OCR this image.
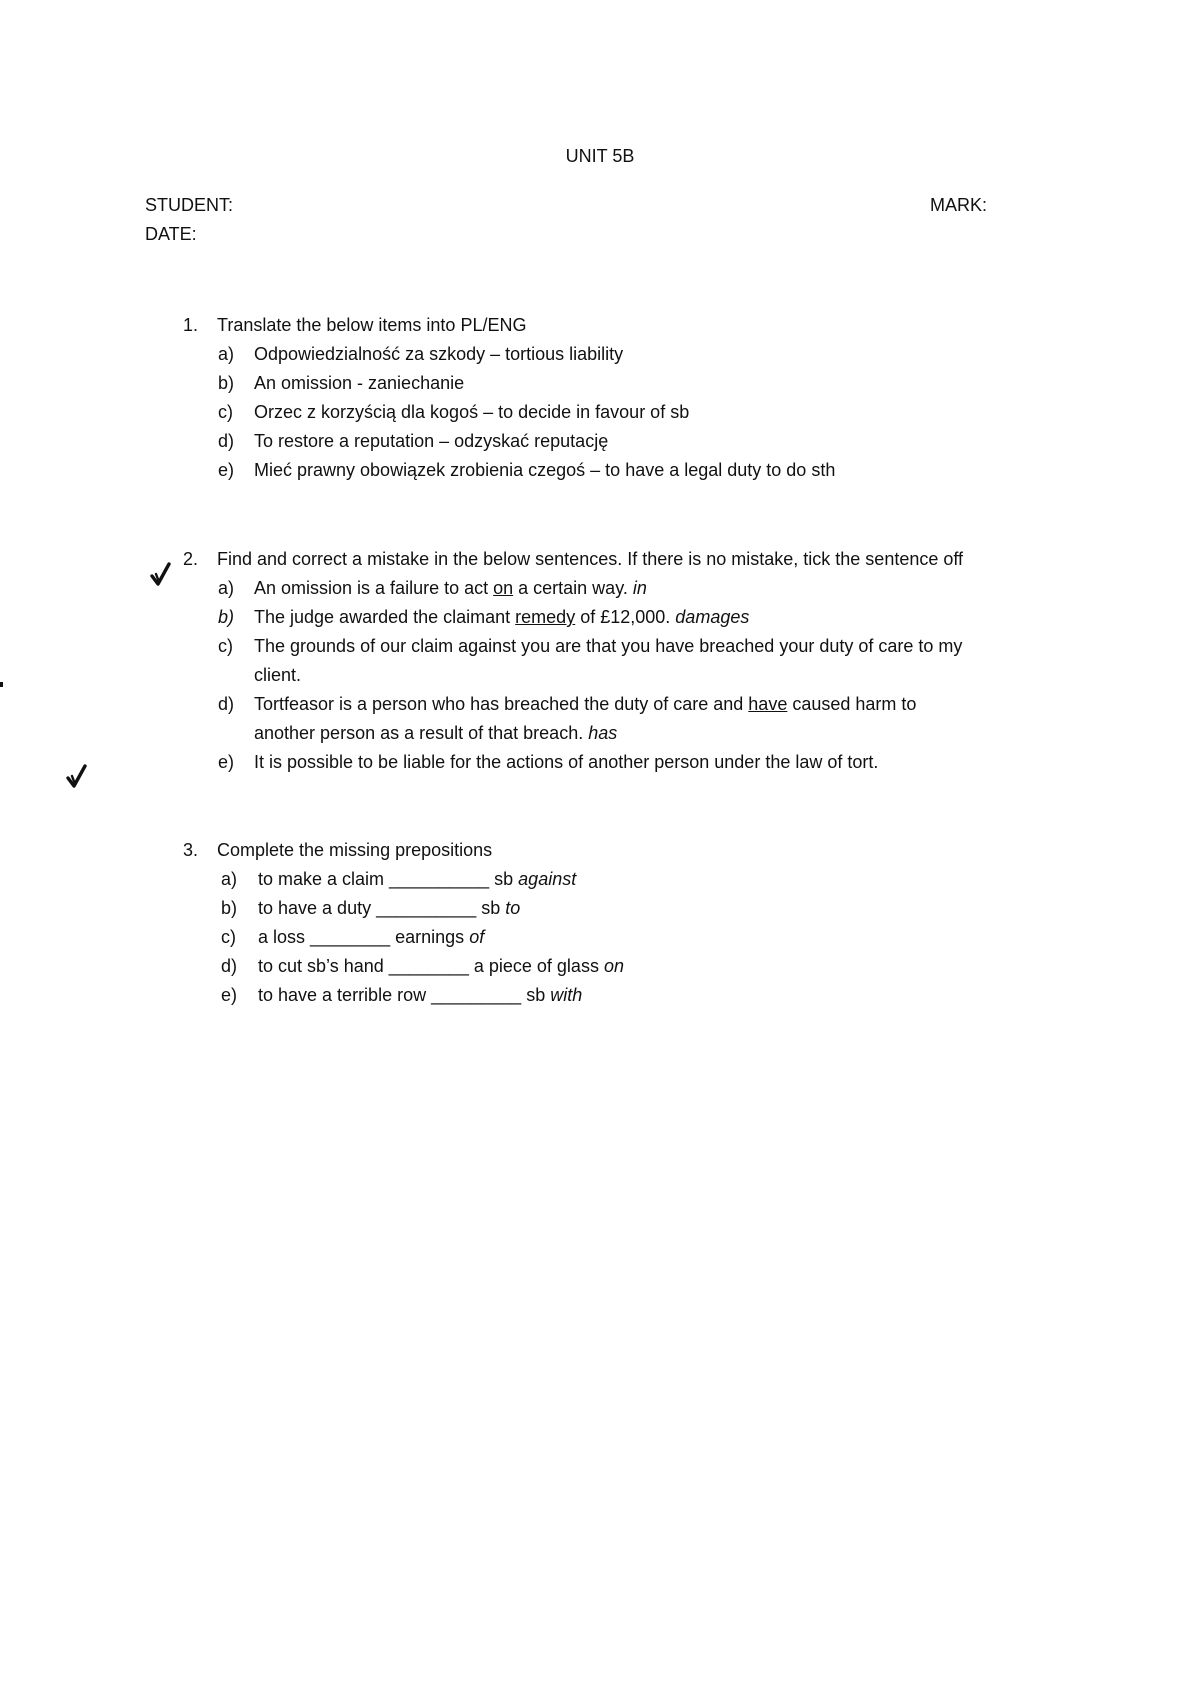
UNIT 5B
STUDENT:	MARK:
DATE:
1. Translate the below items into PL/ENG
a) Odpowiedzialność za szkody – tortious liability
b) An omission - zaniechanie
c) Orzec z korzyścią dla kogoś – to decide in favour of sb
d) To restore a reputation – odzyskać reputację
e) Mieć prawny obowiązek zrobienia czegoś – to have a legal duty to do sth
2. Find and correct a mistake in the below sentences. If there is no mistake, tick the sentence off
a) An omission is a failure to act on a certain way. in
b) The judge awarded the claimant remedy of £12,000. damages
c) The grounds of our claim against you are that you have breached your duty of care to my
client.
d) Tortfeasor is a person who has breached the duty of care and have caused harm to
another person as a result of that breach. has
e) It is possible to be liable for the actions of another person under the law of tort.
3. Complete the missing prepositions
a) to make a claim __________ sb against
b) to have a duty __________ sb to
c) a loss ________ earnings of
d) to cut sb’s hand ________ a piece of glass on
e) to have a terrible row _________ sb with
